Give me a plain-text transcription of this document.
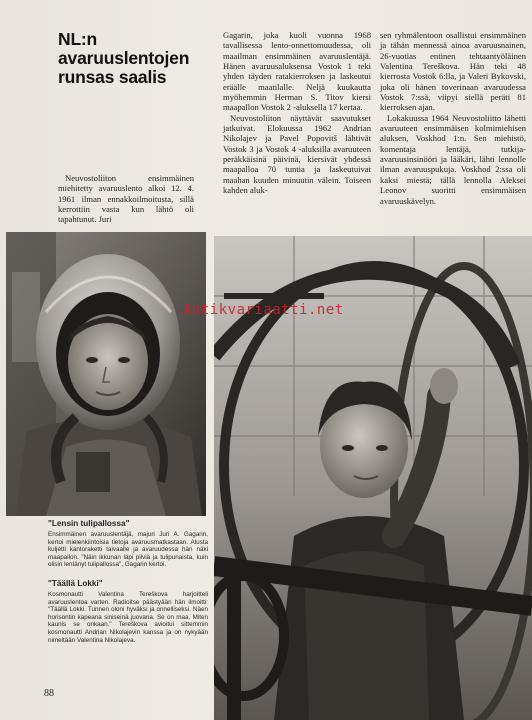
NL:n avaruuslentojen runsas saalis

Neuvostoliiton ensimmäinen miehitetty avaruuslento alkoi 12. 4. 1961 ilman ennakkoilmoitusta, sillä kerrottiin vasta kun lähtö oli tapahtunut. Juri

Gagarin, joka kuoli vuonna 1968 tavallisessa lento-onnettomuudessa, oli maailman ensimmäinen avaruuslentäjä. Hänen avaruusaluksensa Vostok 1 teki yhden täyden ratakierroksen ja laskeutui eräälle maatilalle. Neljä kuukautta myöhemmin Herman S. Titov kiersi maapallon Vostok 2 -aluksella 17 kertaa.

Neuvostoliiton näyttävät saavutukset jatkuivat. Elokuussa 1962 Andrian Nikolajev ja Pavel Popovitš lähtivät Vostok 3 ja Vostok 4 -aluksilla avaruuteen peräkkäisinä päivinä, kiersivät yhdessä maapalloa 70 tuntia ja laskeutuivat maahan kuuden minuutin välein. Toiseen kahden aluk-

sen ryhmälentoon osallistui ensimmäinen ja tähän mennessä ainoa avaruusnainen, 26-vuotias entinen tehtaantyöläinen Valentina Tereškova. Hän teki 48 kierrosta Vostok 6:lla, ja Valeri Bykovski, joka oli hänen toverinaan avaruudessa Vostok 7:ssä, viipyi siellä peräti 81 kierroksen ajan.

Lokakuussa 1964 Neuvostoliitto lähetti avaruuteen ensimmäisen kolmimiehisen aluksen, Voskhod 1:n. Sen miehistö, komentaja lentäjä, tutkija-avaruusinsinööri ja lääkäri, lähti lennolle ilman avaruuspukuja. Voskhod 2:ssa oli kaksi miestä; tällä lennolla Aleksei Leonov suoritti ensimmäisen avaruuskävelyn.

Antikvariaatti.net

"Lensin tulipallossa"

Ensimmäinen avaruuslentäjä, majuri Juri A. Gagarin, kertoi mielenkiintoisia tietoja avaruusmatkastaan. Alusta kuljetti kantoraketti taivaalle ja avaruudessa hän näki maapallon. "Näin ikkunan läpi pilviä ja tulipunaista, kuin olisin lentänyt tulipallossa", Gagarin kertoi.

"Täällä Lokki"

Kosmonautti Valentina Tereškova harjoitteli avaruuslentoa varten. Radioitse päästyään hän ilmoitti: "Täällä Lokki. Tunnen oloni hyväksi ja onnelliseksi. Näen horisontin kapeana siniseinä juovana. Se on maa. Miten kaunis se onkaan." Tereškova avioitui sittemmin kosmonautti Andrian Nikolajevin kanssa ja on nykyään nimeltään Valentina Nikolajeva.

88
